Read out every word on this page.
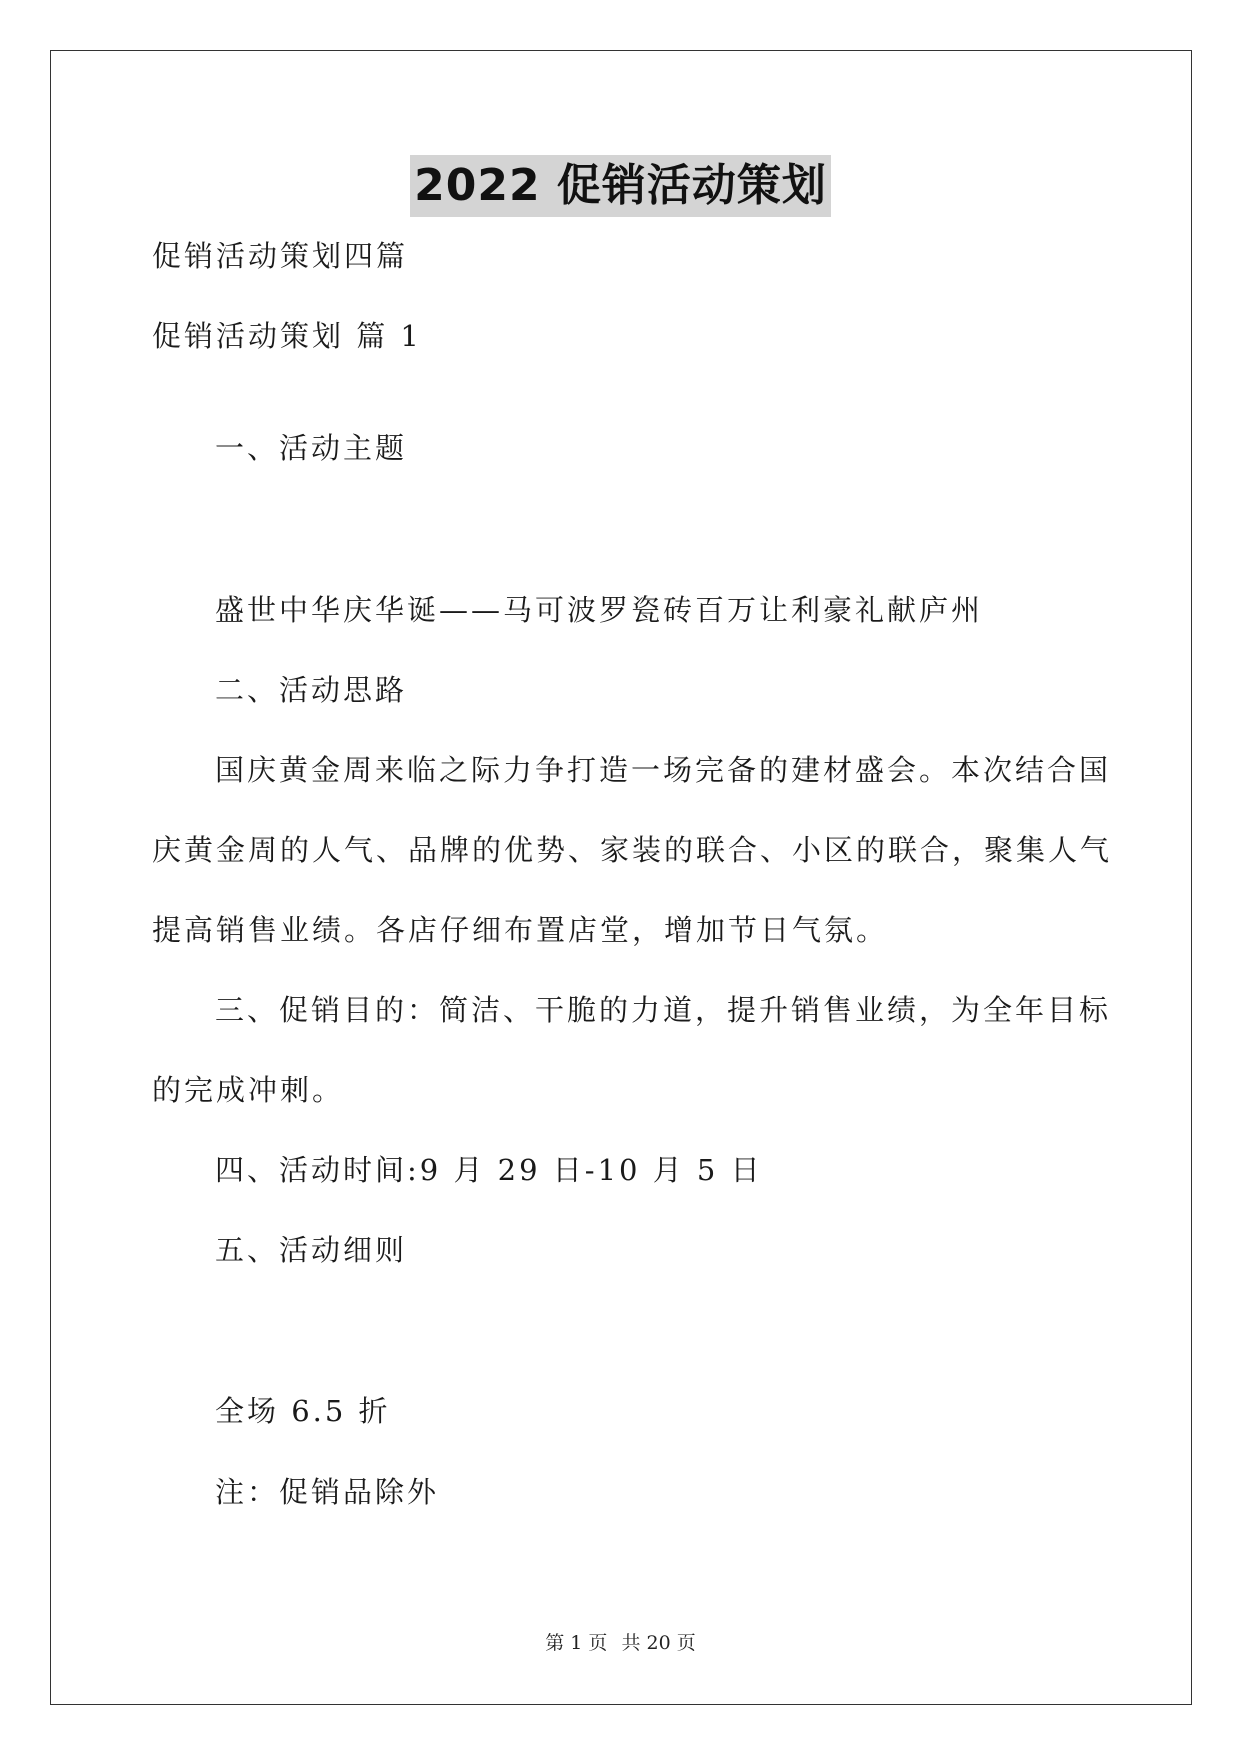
2022 促销活动策划
促销活动策划四篇
促销活动策划 篇 1
一、活动主题
盛世中华庆华诞——马可波罗瓷砖百万让利豪礼献庐州
二、活动思路
国庆黄金周来临之际力争打造一场完备的建材盛会。本次结合国
庆黄金周的人气、品牌的优势、家装的联合、小区的联合，聚集人气
提高销售业绩。各店仔细布置店堂，增加节日气氛。
三、促销目的：简洁、干脆的力道，提升销售业绩，为全年目标
的完成冲刺。
四、活动时间:9 月 29 日-10 月 5 日
五、活动细则
全场 6.5 折
注：促销品除外
第 1 页 共 20 页
